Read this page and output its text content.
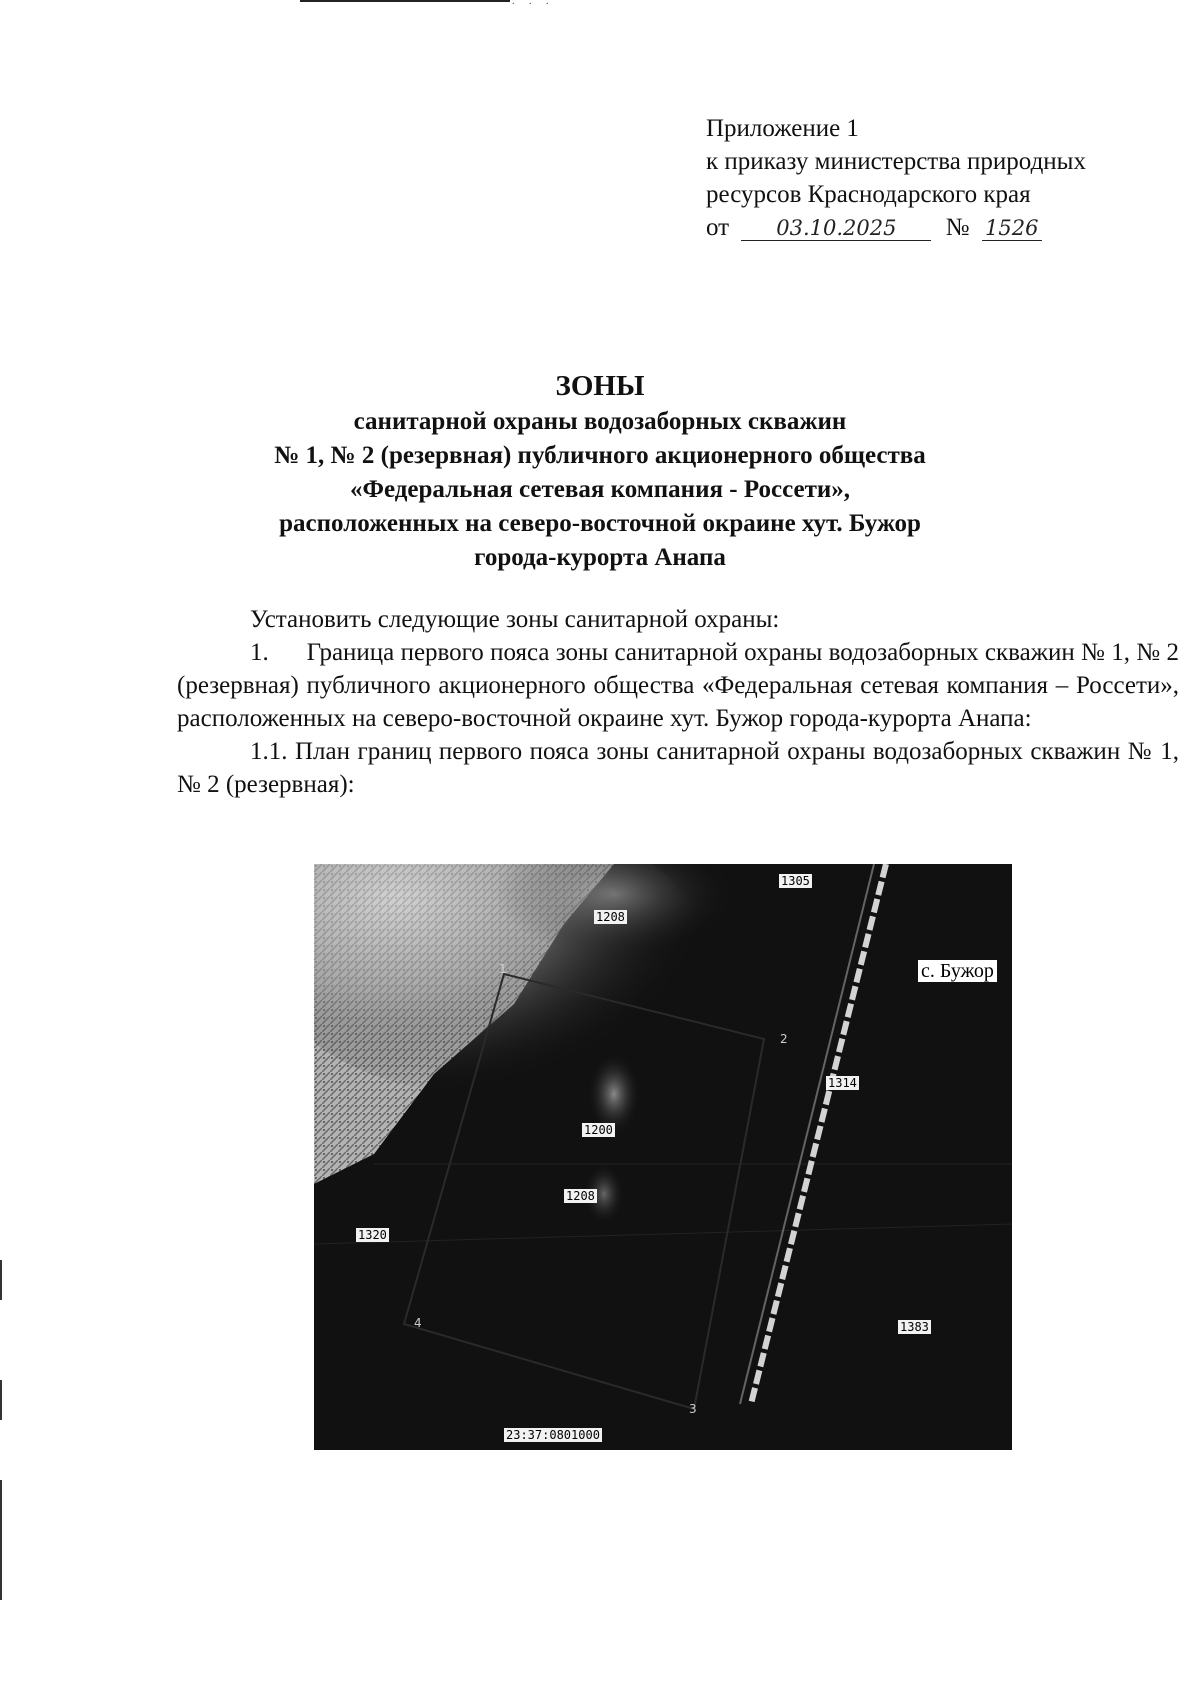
. . .
Приложение 1
к приказу министерства природных
ресурсов Краснодарского края
от 03.10.2025 № 1526
ЗОНЫ
санитарной охраны водозаборных скважин
№ 1, № 2 (резервная) публичного акционерного общества
«Федеральная сетевая компания - Россети»,
расположенных на северо-восточной окраине хут. Бужор
города-курорта Анапа

Установить следующие зоны санитарной охраны:

1. Граница первого пояса зоны санитарной охраны водозаборных скважин № 1, № 2 (резервная) публичного акционерного общества «Федеральная сетевая компания – Россети», расположенных на северо-восточной окраине хут. Бужор города-курорта Анапа:

1.1. План границ первого пояса зоны санитарной охраны водозаборных скважин № 1, № 2 (резервная):

1305
1208
1314
1200
1208
1320
1383
23:37:0801000
1
2
3
4
с. Бужор
